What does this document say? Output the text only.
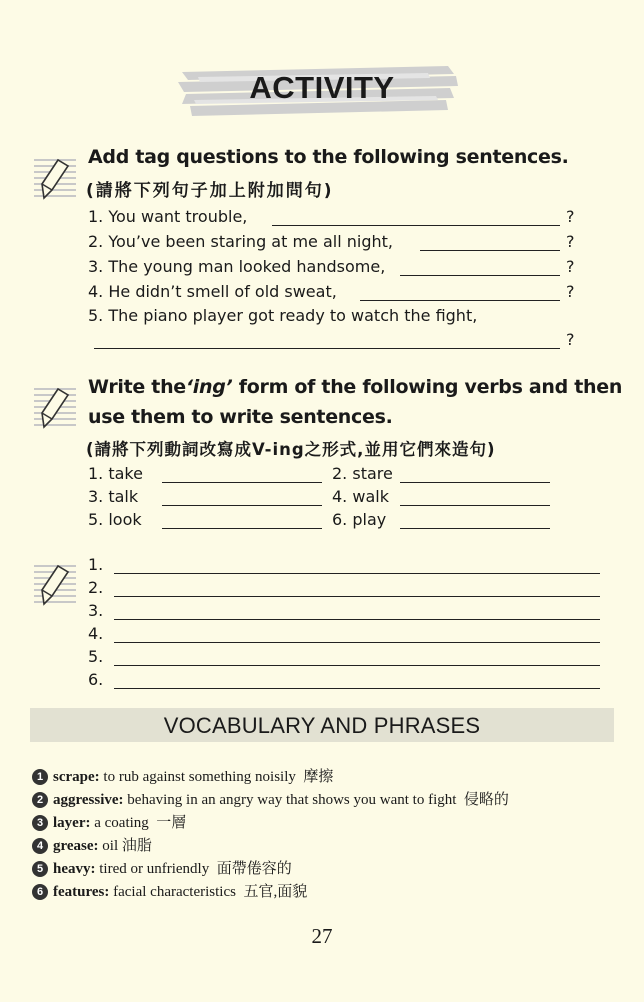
ACTIVITY
Add tag questions to the following sentences.
(請將下列句子加上附加問句)
1. You want trouble,	?
2. You’ve been staring at me all night,	?
3. The young man looked handsome,	?
4. He didn’t smell of old sweat,	?
5. The piano player got ready to watch the fight,
?
Write the‘ing’ form of the following verbs and then
use them to write sentences.
(請將下列動詞改寫成V-ing之形式,並用它們來造句)
1. take	2. stare
3. talk	4. walk
5. look	6. play
1.
2.
3.
4.
5.
6.
VOCABULARY AND PHRASES
1 scrape: to rub against something noisily 摩擦
2 aggressive: behaving in an angry way that shows you want to fight 侵略的
3 layer: a coating 一層
4 grease: oil 油脂
5 heavy: tired or unfriendly 面帶倦容的
6 features: facial characteristics 五官,面貌
27
